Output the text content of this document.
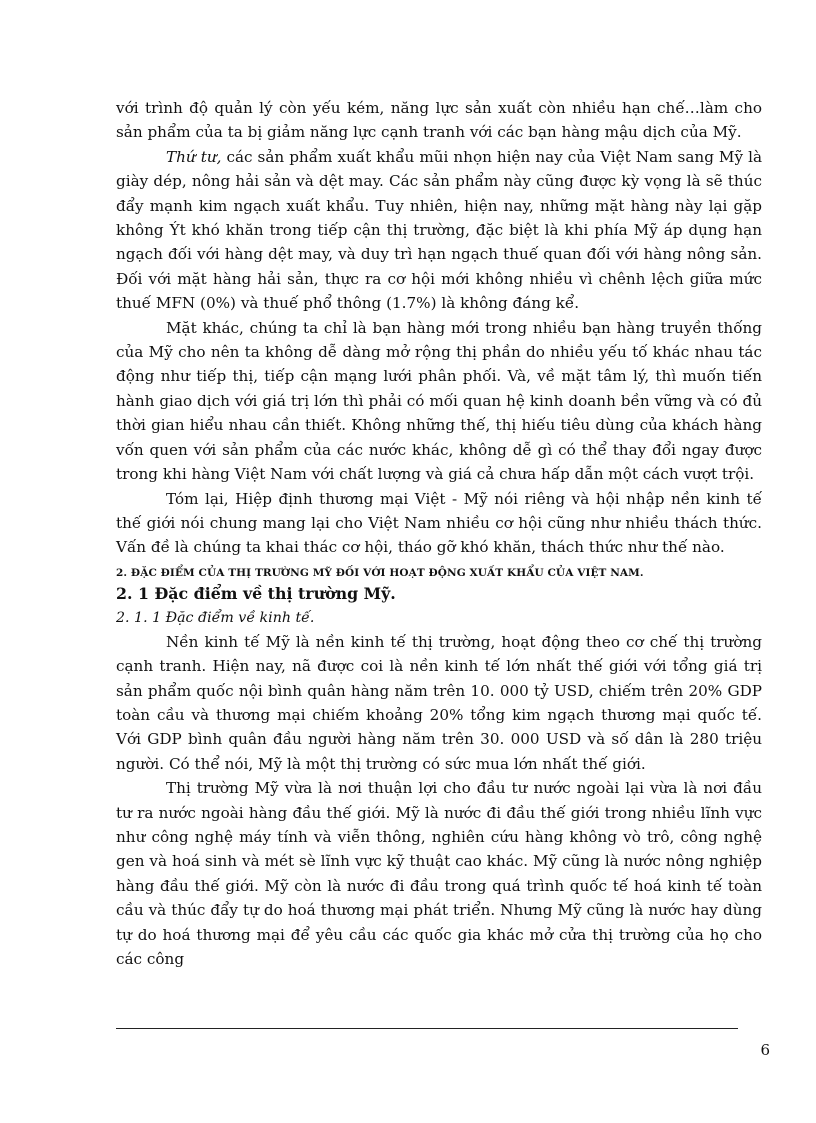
với trình độ quản lý còn yếu kém, năng lực sản xuất còn nhiều hạn chế…làm cho sản phẩm của ta bị giảm năng lực cạnh tranh với các bạn hàng mậu dịch của Mỹ.

Thứ tư, các sản phẩm xuất khẩu mũi nhọn hiện nay của Việt Nam sang Mỹ là giày dép, nông hải sản và dệt may. Các sản phẩm này cũng được kỳ vọng là sẽ thúc đẩy mạnh kim ngạch xuất khẩu. Tuy nhiên, hiện nay, những mặt hàng này lại gặp không Ýt khó khăn trong tiếp cận thị trường, đặc biệt là khi phía Mỹ áp dụng hạn ngạch đối với hàng dệt may, và duy trì hạn ngạch thuế quan đối với hàng nông sản. Đối với mặt hàng hải sản, thực ra cơ hội mới không nhiều vì chênh lệch giữa mức thuế MFN (0%) và thuế phổ thông (1.7%) là không đáng kể.

Mặt khác, chúng ta chỉ là bạn hàng mới trong nhiều bạn hàng truyền thống của Mỹ cho nên ta không dễ dàng mở rộng thị phần do nhiều yếu tố khác nhau tác động như tiếp thị, tiếp cận mạng lưới phân phối. Và, về mặt tâm lý, thì muốn tiến hành giao dịch với giá trị lớn thì phải có mối quan hệ kinh doanh bền vững và có đủ thời gian hiểu nhau cần thiết. Không những thế, thị hiếu tiêu dùng của khách hàng vốn quen với sản phẩm của các nước khác, không dễ gì có thể thay đổi ngay được trong khi hàng Việt Nam với chất lượng và giá cả chưa hấp dẫn một cách vượt trội.

Tóm lại, Hiệp định thương mại Việt - Mỹ nói riêng và hội nhập nền kinh tế thế giới nói chung mang lại cho Việt Nam nhiều cơ hội cũng như nhiều thách thức. Vấn đề là chúng ta khai thác cơ hội, tháo gỡ khó khăn, thách thức như thế nào.

2. ĐẶC ĐIỂM CỦA THỊ TRƯỜNG MỸ ĐỐI VỚI HOẠT ĐỘNG XUẤT KHẨU CỦA VIỆT NAM.

2. 1 Đặc điểm về thị trường Mỹ.

2. 1. 1 Đặc điểm về kinh tế.

Nền kinh tế Mỹ là nền kinh tế thị trường, hoạt động theo cơ chế thị trường cạnh tranh. Hiện nay, nã được coi là nền kinh tế lớn nhất thế giới với tổng giá trị sản phẩm quốc nội bình quân hàng năm trên 10. 000 tỷ USD, chiếm trên 20% GDP toàn cầu và thương mại chiếm khoảng 20% tổng kim ngạch thương mại quốc tế. Với GDP bình quân đầu người hàng năm trên 30. 000 USD và số dân là 280 triệu người. Có thể nói, Mỹ là một thị trường có sức mua lớn nhất thế giới.

Thị trường Mỹ vừa là nơi thuận lợi cho đầu tư nước ngoài lại vừa là nơi đầu tư ra nước ngoài hàng đầu thế giới. Mỹ là nước đi đầu thế giới trong nhiều lĩnh vực như công nghệ máy tính và viễn thông, nghiên cứu hàng không vò trô, công nghệ gen và hoá sinh và mét sè lĩnh vực kỹ thuật cao khác. Mỹ cũng là nước nông nghiệp hàng đầu thế giới. Mỹ còn là nước đi đầu trong quá trình quốc tế hoá kinh tế toàn cầu và thúc đẩy tự do hoá thương mại phát triển. Nhưng Mỹ cũng là nước hay dùng tự do hoá thương mại để yêu cầu các quốc gia khác mở cửa thị trường của họ cho các công

6
